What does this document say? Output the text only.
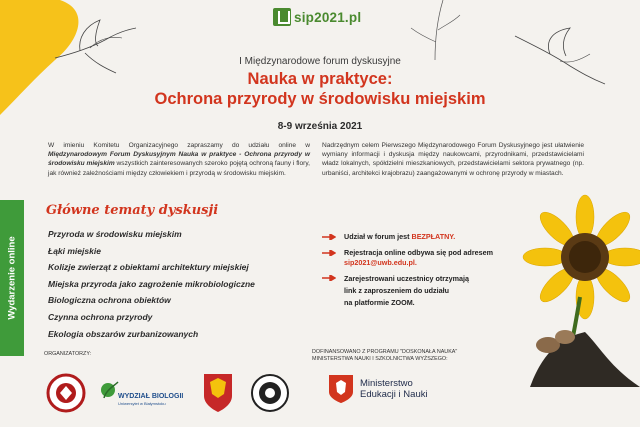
sip2021.pl
I Międzynarodowe forum dyskusyjne
Nauka w praktyce:
Ochrona przyrody w środowisku miejskim
8-9 września 2021

W imieniu Komitetu Organizacyjnego zapraszamy do udziału online w Międzynarodowym Forum Dyskusyjnym Nauka w praktyce - Ochrona przyrody w środowisku miejskim wszystkich zainteresowanych szeroko pojętą ochroną fauny i flory, jak również zależnościami między człowiekiem i przyrodą w środowisku miejskim.

Nadrzędnym celem Pierwszego Międzynarodowego Forum Dyskusyjnego jest ułatwienie wymiany informacji i dyskusja między naukowcami, przyrodnikami, przedstawicielami władz lokalnych, spółdzielni mieszkaniowych, przedstawicielami sektora prywatnego (np. urbaniści, architekci krajobrazu) zaangażowanymi w ochronę przyrody w miastach.

Wydarzenie online
Główne tematy dyskusji
Przyroda w środowisku miejskim
Łąki miejskie
Kolizje zwierząt z obiektami architektury miejskiej
Miejska przyroda jako zagrożenie mikrobiologiczne
Biologiczna ochrona obiektów
Czynna ochrona przyrody
Ekologia obszarów zurbanizowanych
Udział w forum jest BEZPŁATNY.
Rejestracja online odbywa się pod adresem
sip2021@uwb.edu.pl.
Zarejestrowani uczestnicy otrzymają
link z zaproszeniem do udziału
na platformie ZOOM.
ORGANIZATORZY:	DOFINANSOWANO Z PROGRAMU "DOSKONAŁA NAUKA"
MINISTERSTWA NAUKI I SZKOLNICTWA WYŻSZEGO:
WYDZIAŁ BIOLOGII
Uniwersytet w Białymstoku
Ministerstwo
Edukacji i Nauki
